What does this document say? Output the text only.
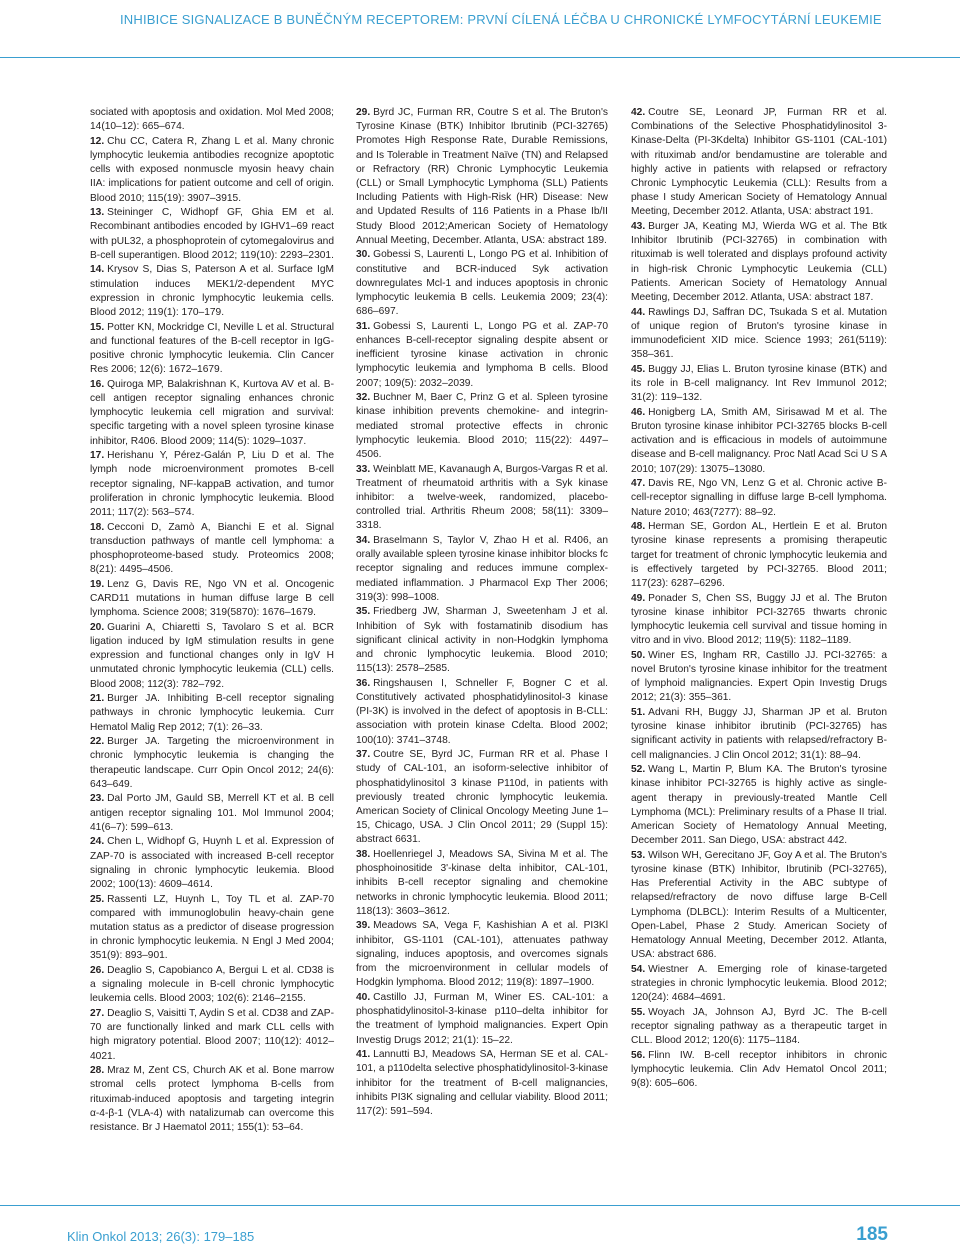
INHIBICE SIGNALIZACE B BUNĚČNÝM RECEPTOREM: PRVNÍ CÍLENÁ LÉČBA U CHRONICKÉ LYMFOCYTÁRNÍ LEUKEMIE
sociated with apoptosis and oxidation. Mol Med 2008; 14(10–12): 665–674.
12. Chu CC, Catera R, Zhang L et al. Many chronic lymphocytic leukemia antibodies recognize apoptotic cells with exposed nonmuscle myosin heavy chain IIA: implications for patient outcome and cell of origin. Blood 2010; 115(19): 3907–3915.
13. Steininger C, Widhopf GF, Ghia EM et al. Recombinant antibodies encoded by IGHV1–69 react with pUL32, a phosphoprotein of cytomegalovirus and B-cell superantigen. Blood 2012; 119(10): 2293–2301.
14. Krysov S, Dias S, Paterson A et al. Surface IgM stimulation induces MEK1/2-dependent MYC expression in chronic lymphocytic leukemia cells. Blood 2012; 119(1): 170–179.
15. Potter KN, Mockridge CI, Neville L et al. Structural and functional features of the B-cell receptor in IgG-positive chronic lymphocytic leukemia. Clin Cancer Res 2006; 12(6): 1672–1679.
16. Quiroga MP, Balakrishnan K, Kurtova AV et al. B-cell antigen receptor signaling enhances chronic lymphocytic leukemia cell migration and survival: specific targeting with a novel spleen tyrosine kinase inhibitor, R406. Blood 2009; 114(5): 1029–1037.
17. Herishanu Y, Pérez-Galán P, Liu D et al. The lymph node microenvironment promotes B-cell receptor signaling, NF-kappaB activation, and tumor proliferation in chronic lymphocytic leukemia. Blood 2011; 117(2): 563–574.
18. Cecconi D, Zamò A, Bianchi E et al. Signal transduction pathways of mantle cell lymphoma: a phosphoproteome-based study. Proteomics 2008; 8(21): 4495–4506.
19. Lenz G, Davis RE, Ngo VN et al. Oncogenic CARD11 mutations in human diffuse large B cell lymphoma. Science 2008; 319(5870): 1676–1679.
20. Guarini A, Chiaretti S, Tavolaro S et al. BCR ligation induced by IgM stimulation results in gene expression and functional changes only in IgV H unmutated chronic lymphocytic leukemia (CLL) cells. Blood 2008; 112(3): 782–792.
21. Burger JA. Inhibiting B-cell receptor signaling pathways in chronic lymphocytic leukemia. Curr Hematol Malig Rep 2012; 7(1): 26–33.
22. Burger JA. Targeting the microenvironment in chronic lymphocytic leukemia is changing the therapeutic landscape. Curr Opin Oncol 2012; 24(6): 643–649.
23. Dal Porto JM, Gauld SB, Merrell KT et al. B cell antigen receptor signaling 101. Mol Immunol 2004; 41(6–7): 599–613.
24. Chen L, Widhopf G, Huynh L et al. Expression of ZAP-70 is associated with increased B-cell receptor signaling in chronic lymphocytic leukemia. Blood 2002; 100(13): 4609–4614.
25. Rassenti LZ, Huynh L, Toy TL et al. ZAP-70 compared with immunoglobulin heavy-chain gene mutation status as a predictor of disease progression in chronic lymphocytic leukemia. N Engl J Med 2004; 351(9): 893–901.
26. Deaglio S, Capobianco A, Bergui L et al. CD38 is a signaling molecule in B-cell chronic lymphocytic leukemia cells. Blood 2003; 102(6): 2146–2155.
27. Deaglio S, Vaisitti T, Aydin S et al. CD38 and ZAP-70 are functionally linked and mark CLL cells with high migratory potential. Blood 2007; 110(12): 4012–4021.
28. Mraz M, Zent CS, Church AK et al. Bone marrow stromal cells protect lymphoma B-cells from rituximab-induced apoptosis and targeting integrin α-4-β-1 (VLA-4) with natalizumab can overcome this resistance. Br J Haematol 2011; 155(1): 53–64.
29. Byrd JC, Furman RR, Coutre S et al. The Bruton's Tyrosine Kinase (BTK) Inhibitor Ibrutinib (PCI-32765) Promotes High Response Rate, Durable Remissions, and Is Tolerable in Treatment Naïve (TN) and Relapsed or Refractory (RR) Chronic Lymphocytic Leukemia (CLL) or Small Lymphocytic Lymphoma (SLL) Patients Including Patients with High-Risk (HR) Disease: New and Updated Results of 116 Patients in a Phase Ib/II Study Blood 2012;American Society of Hematology Annual Meeting, December. Atlanta, USA: abstract 189.
30. Gobessi S, Laurenti L, Longo PG et al. Inhibition of constitutive and BCR-induced Syk activation downregulates Mcl-1 and induces apoptosis in chronic lymphocytic leukemia B cells. Leukemia 2009; 23(4): 686–697.
31. Gobessi S, Laurenti L, Longo PG et al. ZAP-70 enhances B-cell-receptor signaling despite absent or inefficient tyrosine kinase activation in chronic lymphocytic leukemia and lymphoma B cells. Blood 2007; 109(5): 2032–2039.
32. Buchner M, Baer C, Prinz G et al. Spleen tyrosine kinase inhibition prevents chemokine- and integrin-mediated stromal protective effects in chronic lymphocytic leukemia. Blood 2010; 115(22): 4497–4506.
33. Weinblatt ME, Kavanaugh A, Burgos-Vargas R et al. Treatment of rheumatoid arthritis with a Syk kinase inhibitor: a twelve-week, randomized, placebo-controlled trial. Arthritis Rheum 2008; 58(11): 3309–3318.
34. Braselmann S, Taylor V, Zhao H et al. R406, an orally available spleen tyrosine kinase inhibitor blocks fc receptor signaling and reduces immune complex-mediated inflammation. J Pharmacol Exp Ther 2006; 319(3): 998–1008.
35. Friedberg JW, Sharman J, Sweetenham J et al. Inhibition of Syk with fostamatinib disodium has significant clinical activity in non-Hodgkin lymphoma and chronic lymphocytic leukemia. Blood 2010; 115(13): 2578–2585.
36. Ringshausen I, Schneller F, Bogner C et al. Constitutively activated phosphatidylinositol-3 kinase (PI-3K) is involved in the defect of apoptosis in B-CLL: association with protein kinase Cdelta. Blood 2002; 100(10): 3741–3748.
37. Coutre SE, Byrd JC, Furman RR et al. Phase I study of CAL-101, an isoform-selective inhibitor of phosphatidylinositol 3 kinase P110d, in patients with previously treated chronic lymphocytic leukemia. American Society of Clinical Oncology Meeting June 1–15, Chicago, USA. J Clin Oncol 2011; 29 (Suppl 15): abstract 6631.
38. Hoellenriegel J, Meadows SA, Sivina M et al. The phosphoinositide 3'-kinase delta inhibitor, CAL-101, inhibits B-cell receptor signaling and chemokine networks in chronic lymphocytic leukemia. Blood 2011; 118(13): 3603–3612.
39. Meadows SA, Vega F, Kashishian A et al. PI3Kl inhibitor, GS-1101 (CAL-101), attenuates pathway signaling, induces apoptosis, and overcomes signals from the microenvironment in cellular models of Hodgkin lymphoma. Blood 2012; 119(8): 1897–1900.
40. Castillo JJ, Furman M, Winer ES. CAL-101: a phosphatidylinositol-3-kinase p110–delta inhibitor for the treatment of lymphoid malignancies. Expert Opin Investig Drugs 2012; 21(1): 15–22.
41. Lannutti BJ, Meadows SA, Herman SE et al. CAL-101, a p110delta selective phosphatidylinositol-3-kinase inhibitor for the treatment of B-cell malignancies, inhibits PI3K signaling and cellular viability. Blood 2011; 117(2): 591–594.
42. Coutre SE, Leonard JP, Furman RR et al. Combinations of the Selective Phosphatidylinositol 3-Kinase-Delta (PI-3Kdelta) Inhibitor GS-1101 (CAL-101) with rituximab and/or bendamustine are tolerable and highly active in patients with relapsed or refractory Chronic Lymphocytic Leukemia (CLL): Results from a phase I study American Society of Hematology Annual Meeting, December 2012. Atlanta, USA: abstract 191.
43. Burger JA, Keating MJ, Wierda WG et al. The Btk Inhibitor Ibrutinib (PCI-32765) in combination with rituximab is well tolerated and displays profound activity in high-risk Chronic Lymphocytic Leukemia (CLL) Patients. American Society of Hematology Annual Meeting, December 2012. Atlanta, USA: abstract 187.
44. Rawlings DJ, Saffran DC, Tsukada S et al. Mutation of unique region of Bruton's tyrosine kinase in immunodeficient XID mice. Science 1993; 261(5119): 358–361.
45. Buggy JJ, Elias L. Bruton tyrosine kinase (BTK) and its role in B-cell malignancy. Int Rev Immunol 2012; 31(2): 119–132.
46. Honigberg LA, Smith AM, Sirisawad M et al. The Bruton tyrosine kinase inhibitor PCI-32765 blocks B-cell activation and is efficacious in models of autoimmune disease and B-cell malignancy. Proc Natl Acad Sci U S A 2010; 107(29): 13075–13080.
47. Davis RE, Ngo VN, Lenz G et al. Chronic active B-cell-receptor signalling in diffuse large B-cell lymphoma. Nature 2010; 463(7277): 88–92.
48. Herman SE, Gordon AL, Hertlein E et al. Bruton tyrosine kinase represents a promising therapeutic target for treatment of chronic lymphocytic leukemia and is effectively targeted by PCI-32765. Blood 2011; 117(23): 6287–6296.
49. Ponader S, Chen SS, Buggy JJ et al. The Bruton tyrosine kinase inhibitor PCI-32765 thwarts chronic lymphocytic leukemia cell survival and tissue homing in vitro and in vivo. Blood 2012; 119(5): 1182–1189.
50. Winer ES, Ingham RR, Castillo JJ. PCI-32765: a novel Bruton's tyrosine kinase inhibitor for the treatment of lymphoid malignancies. Expert Opin Investig Drugs 2012; 21(3): 355–361.
51. Advani RH, Buggy JJ, Sharman JP et al. Bruton tyrosine kinase inhibitor ibrutinib (PCI-32765) has significant activity in patients with relapsed/refractory B-cell malignancies. J Clin Oncol 2012; 31(1): 88–94.
52. Wang L, Martin P, Blum KA. The Bruton's tyrosine kinase inhibitor PCI-32765 is highly active as single-agent therapy in previously-treated Mantle Cell Lymphoma (MCL): Preliminary results of a Phase II trial. American Society of Hematology Annual Meeting, December 2011. San Diego, USA: abstract 442.
53. Wilson WH, Gerecitano JF, Goy A et al. The Bruton's tyrosine kinase (BTK) Inhibitor, Ibrutinib (PCI-32765), Has Preferential Activity in the ABC subtype of relapsed/refractory de novo diffuse large B-Cell Lymphoma (DLBCL): Interim Results of a Multicenter, Open-Label, Phase 2 Study. American Society of Hematology Annual Meeting, December 2012. Atlanta, USA: abstract 686.
54. Wiestner A. Emerging role of kinase-targeted strategies in chronic lymphocytic leukemia. Blood 2012; 120(24): 4684–4691.
55. Woyach JA, Johnson AJ, Byrd JC. The B-cell receptor signaling pathway as a therapeutic target in CLL. Blood 2012; 120(6): 1175–1184.
56. Flinn IW. B-cell receptor inhibitors in chronic lymphocytic leukemia. Clin Adv Hematol Oncol 2011; 9(8): 605–606.
Klin Onkol 2013; 26(3): 179–185	185
